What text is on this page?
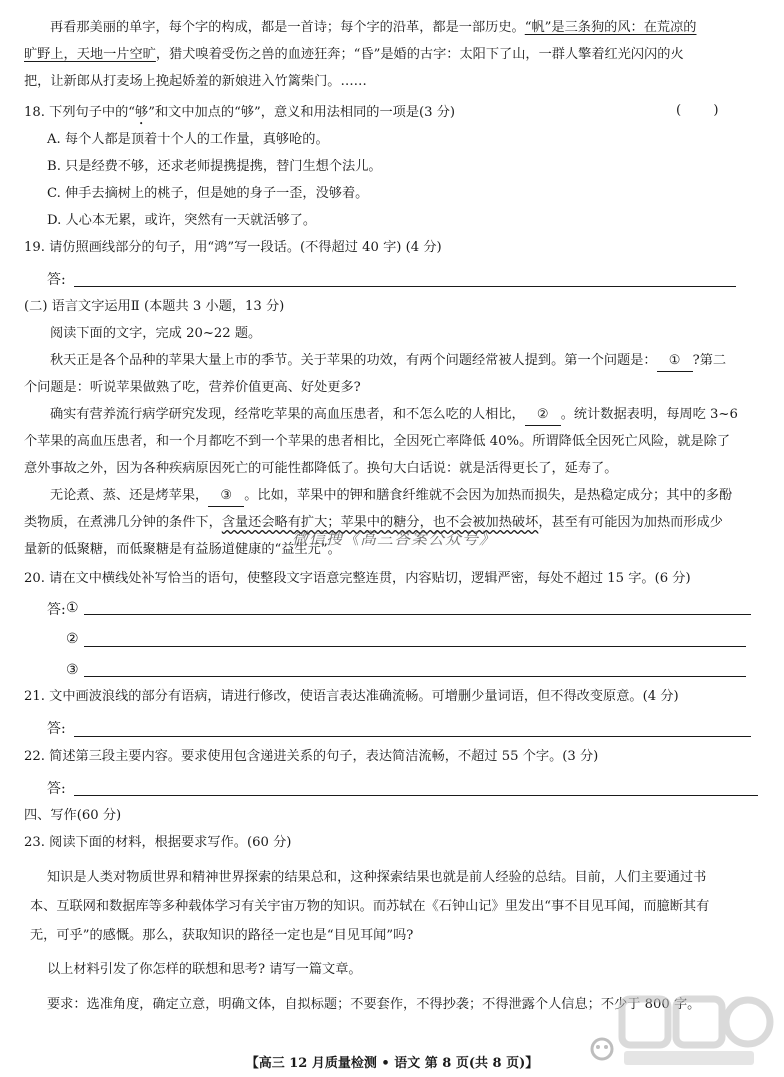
再看那美丽的单字，每个字的构成，都是一首诗；每个字的沿革，都是一部历史。“帆”是三条狗的风：在荒凉的
旷野上，天地一片空旷，猎犬嗅着受伤之兽的血迹狂奔；“昏”是婚的古字：太阳下了山，一群人擎着红光闪闪的火
把，让新郎从打麦场上挽起娇羞的新娘进入竹篱柴门。……
18. 下列句子中的“够”和文中加点的“够”，意义和用法相同的一项是(3 分)	( )
A. 每个人都是顶着十个人的工作量，真够呛的。
B. 只是经费不够，还求老师提携提携，替门生想个法儿。
C. 伸手去摘树上的桃子，但是她的身子一歪，没够着。
D. 人心本无累，或许，突然有一天就活够了。
19. 请仿照画线部分的句子，用“鸿”写一段话。(不得超过 40 字) (4 分)
答:
(二) 语言文字运用Ⅱ (本题共 3 小题，13 分)
阅读下面的文字，完成 20~22 题。
秋天正是各个品种的苹果大量上市的季节。关于苹果的功效，有两个问题经常被人提到。第一个问题是： ① ?第二
个问题是：听说苹果做熟了吃，营养价值更高、好处更多?
确实有营养流行病学研究发现，经常吃苹果的高血压患者，和不怎么吃的人相比， ② 。统计数据表明，每周吃 3~6
个苹果的高血压患者，和一个月都吃不到一个苹果的患者相比，全因死亡率降低 40%。所谓降低全因死亡风险，就是除了
意外事故之外，因为各种疾病原因死亡的可能性都降低了。换句大白话说：就是活得更长了，延寿了。
无论煮、蒸、还是烤苹果， ③ 。比如，苹果中的钾和膳食纤维就不会因为加热而损失，是热稳定成分；其中的多酚
类物质，在煮沸几分钟的条件下，含量还会略有扩大；苹果中的糖分，也不会被加热破坏，甚至有可能因为加热而形成少
量新的低聚糖，而低聚糖是有益肠道健康的“益生元”。
微信搜《高三答案公众号》
20. 请在文中横线处补写恰当的语句，使整段文字语意完整连贯，内容贴切，逻辑严密，每处不超过 15 字。(6 分)
答: ①
②
③
21. 文中画波浪线的部分有语病，请进行修改，使语言表达准确流畅。可增删少量词语，但不得改变原意。(4 分)
答:
22. 简述第三段主要内容。要求使用包含递进关系的句子，表达简洁流畅，不超过 55 个字。(3 分)
答:
四、写作(60 分)
23. 阅读下面的材料，根据要求写作。(60 分)
知识是人类对物质世界和精神世界探索的结果总和，这种探索结果也就是前人经验的总结。目前，人们主要通过书
本、互联网和数据库等多种载体学习有关宇宙万物的知识。而苏轼在《石钟山记》里发出“事不目见耳闻，而臆断其有
无，可乎”的感慨。那么，获取知识的路径一定也是“目见耳闻”吗?
以上材料引发了你怎样的联想和思考? 请写一篇文章。
要求：选准角度，确定立意，明确文体，自拟标题；不要套作，不得抄袭；不得泄露个人信息；不少于 800 字。
【高三 12 月质量检测 • 语文 第 8 页(共 8 页)】
